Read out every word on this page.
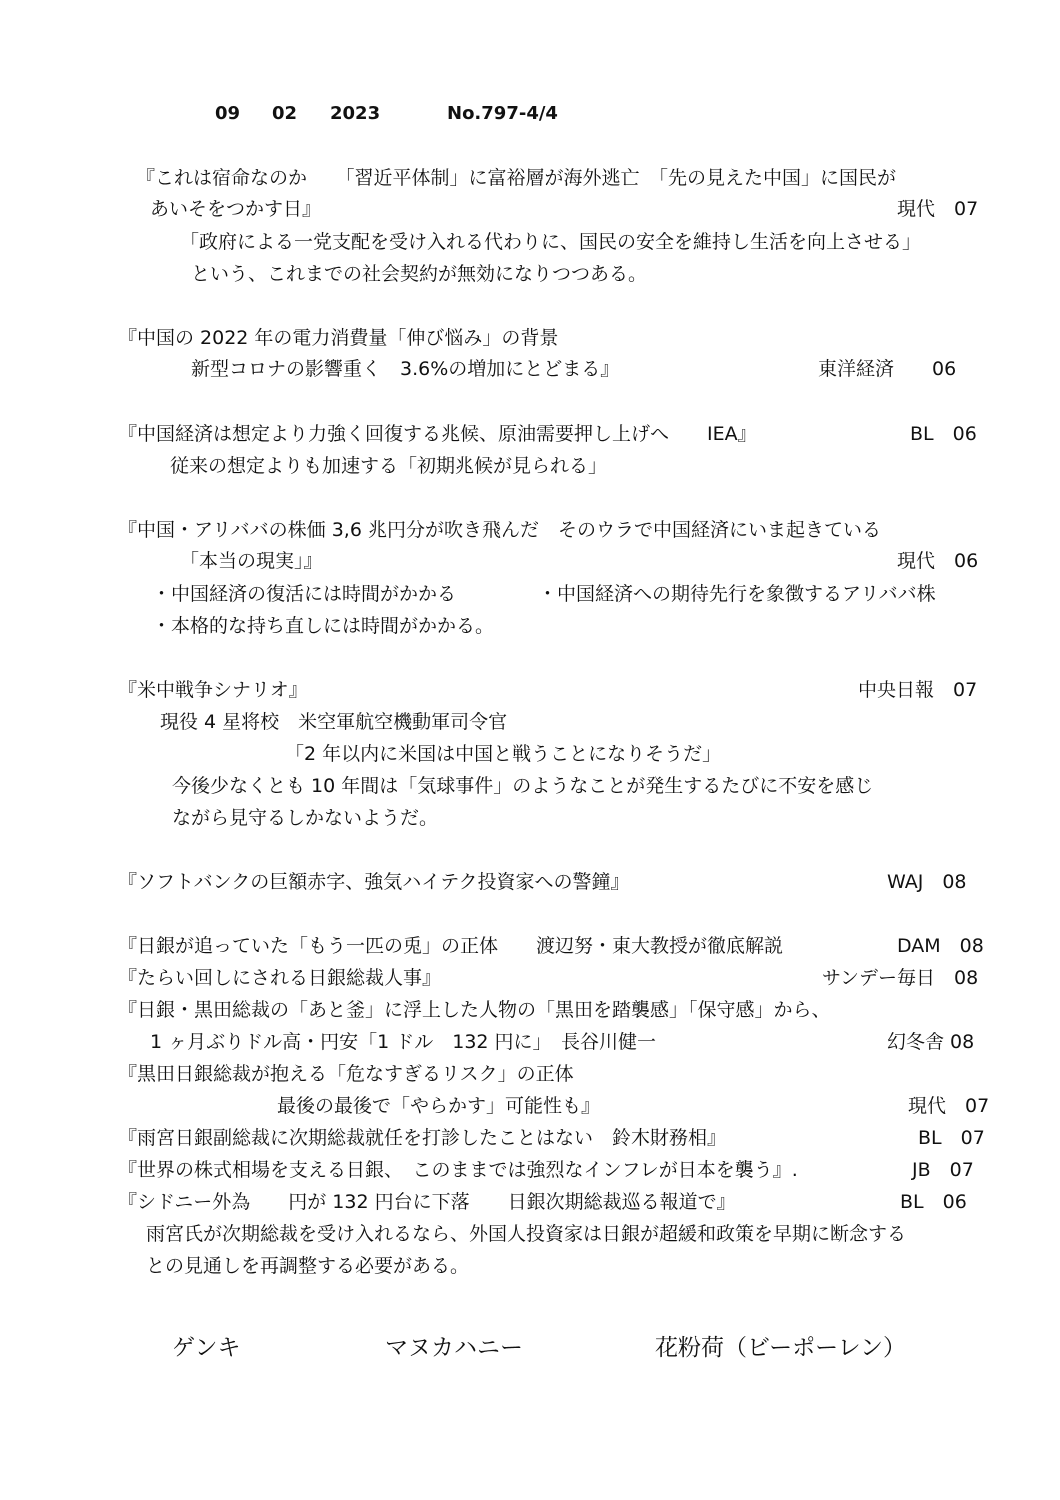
09 02 2023	No.797-4/4
『これは宿命なのか　　「習近平体制」に富裕層が海外逃亡　「先の見えた中国」に国民が
あいそをつかす日』	現代　07
「政府による一党支配を受け入れる代わりに、国民の安全を維持し生活を向上させる」
という、これまでの社会契約が無効になりつつある。
『中国の 2022 年の電力消費量「伸び悩み」の背景
新型コロナの影響重く　3.6%の増加にとどまる』	東洋経済　　06
『中国経済は想定より力強く回復する兆候、原油需要押し上げへ　　IEA』	BL　06
従来の想定よりも加速する「初期兆候が見られる」
『中国・アリババの株価 3,6 兆円分が吹き飛んだ　そのウラで中国経済にいま起きている
「本当の現実」』	現代　06
・中国経済の復活には時間がかかる	・中国経済への期待先行を象徴するアリババ株
・本格的な持ち直しには時間がかかる。
『米中戦争シナリオ』	中央日報　07
現役 4 星将校　米空軍航空機動軍司令官
「2 年以内に米国は中国と戦うことになりそうだ」
今後少なくとも 10 年間は「気球事件」のようなことが発生するたびに不安を感じ
ながら見守るしかないようだ。
『ソフトバンクの巨額赤字、強気ハイテク投資家への警鐘』	WAJ　08
『日銀が追っていた「もう一匹の兎」の正体　　渡辺努・東大教授が徹底解説	DAM　08
『たらい回しにされる日銀総裁人事』	サンデー毎日　08
『日銀・黒田総裁の「あと釜」に浮上した人物の「黒田を踏襲感」「保守感」から、
1 ヶ月ぶりドル高・円安「1 ドル　132 円に」　長谷川健一	幻冬舎 08
『黒田日銀総裁が抱える「危なすぎるリスク」の正体
最後の最後で「やらかす」可能性も』	現代　07
『雨宮日銀副総裁に次期総裁就任を打診したことはない　鈴木財務相』	BL　07
『世界の株式相場を支える日銀、　このままでは強烈なインフレが日本を襲う』.	JB　07
『シドニー外為　　円が 132 円台に下落　　日銀次期総裁巡る報道で』	BL　06
雨宮氏が次期総裁を受け入れるなら、外国人投資家は日銀が超緩和政策を早期に断念する
との見通しを再調整する必要がある。
ゲンキ	マヌカハニー	花粉荷（ビーポーレン）
